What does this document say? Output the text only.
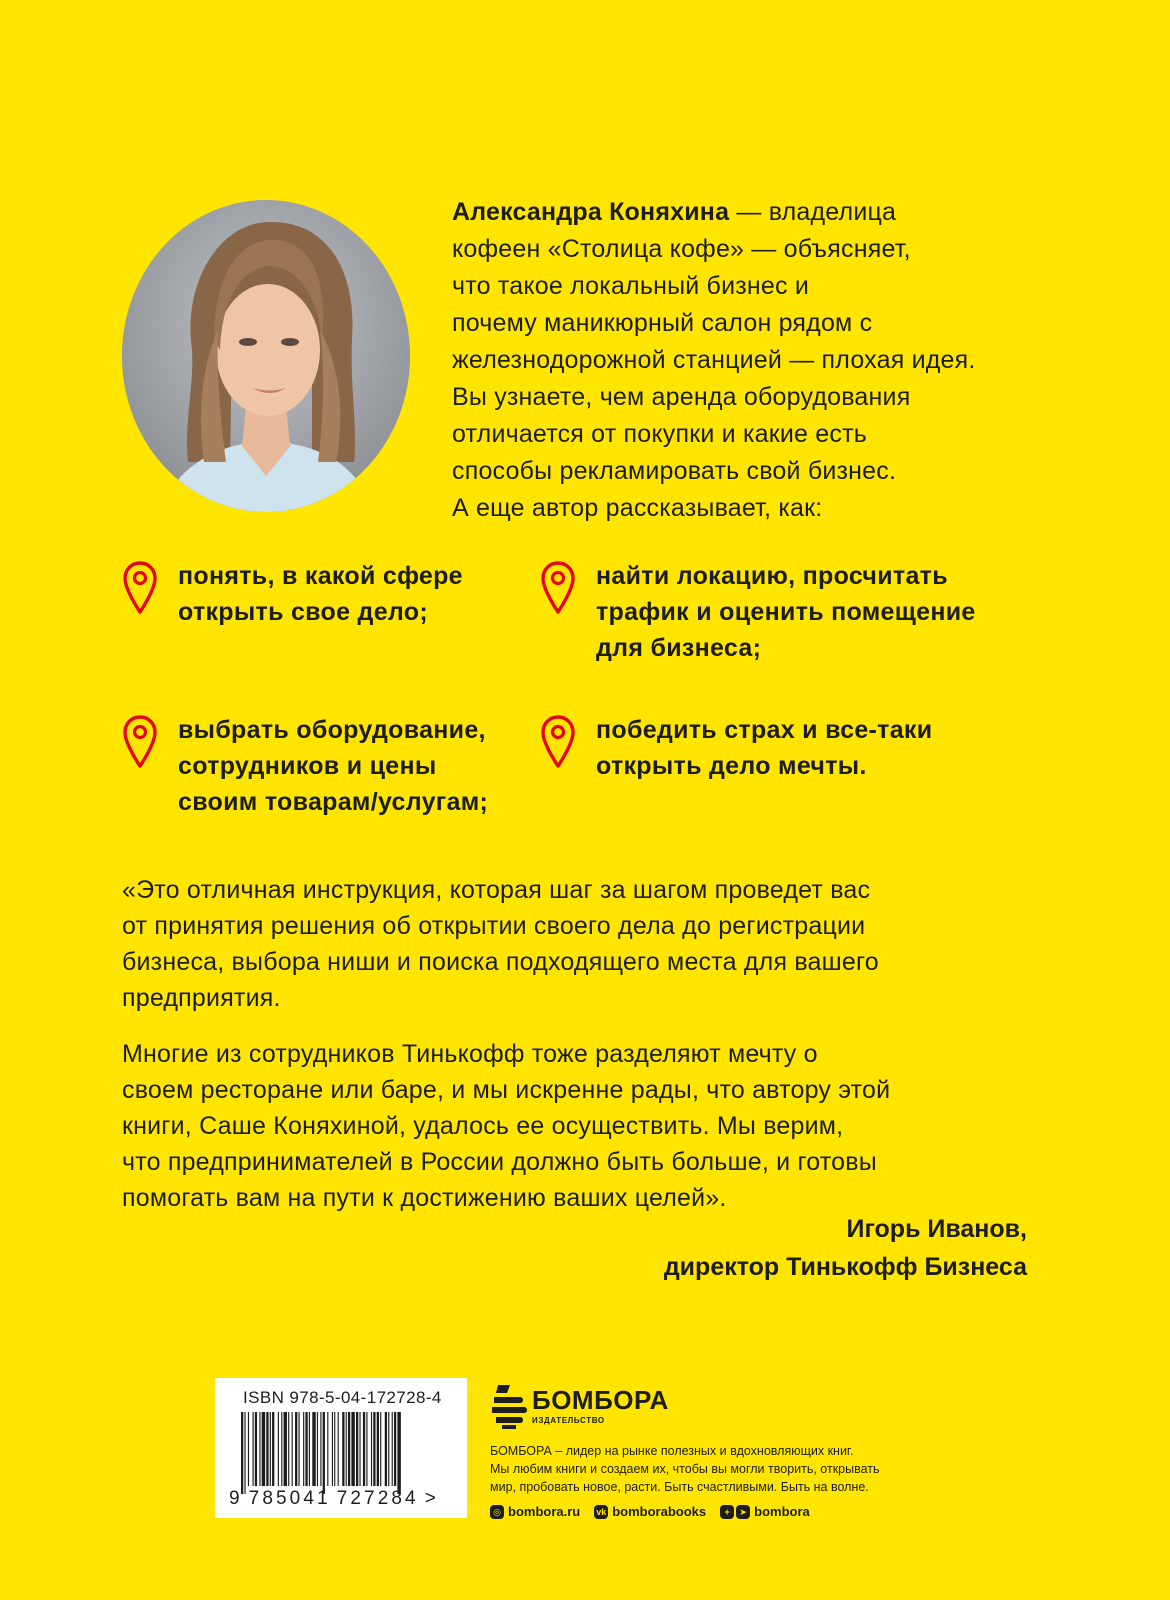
Александра Коняхина — владелица
кофеен «Столица кофе» — объясняет,
что такое локальный бизнес и
почему маникюрный салон рядом с
железнодорожной станцией — плохая идея.
Вы узнаете, чем аренда оборудования
отличается от покупки и какие есть
способы рекламировать свой бизнес.
А еще автор рассказывает, как:
понять, в какой сфере
открыть свое дело;
найти локацию, просчитать
трафик и оценить помещение
для бизнеса;
выбрать оборудование,
сотрудников и цены
своим товарам/услугам;
победить страх и все-таки
открыть дело мечты.
«Это отличная инструкция, которая шаг за шагом проведет вас
от принятия решения об открытии своего дела до регистрации
бизнеса, выбора ниши и поиска подходящего места для вашего
предприятия.
Многие из сотрудников Тинькофф тоже разделяют мечту о
своем ресторане или баре, и мы искренне рады, что автору этой
книги, Саше Коняхиной, удалось ее осуществить. Мы верим,
что предпринимателей в России должно быть больше, и готовы
помогать вам на пути к достижению ваших целей».
Игорь Иванов,
директор Тинькофф Бизнеса
ISBN 978-5-04-172728-4
9 785041 727284 >
БОМБОРА
ИЗДАТЕЛЬСТВО
БОМБОРА – лидер на рынке полезных и вдохновляющих книг.
Мы любим книги и создаем их, чтобы вы могли творить, открывать
мир, пробовать новое, расти. Быть счастливыми. Быть на волне.
◎ bombora.ru vk bomborabooks	+	➤ bombora
